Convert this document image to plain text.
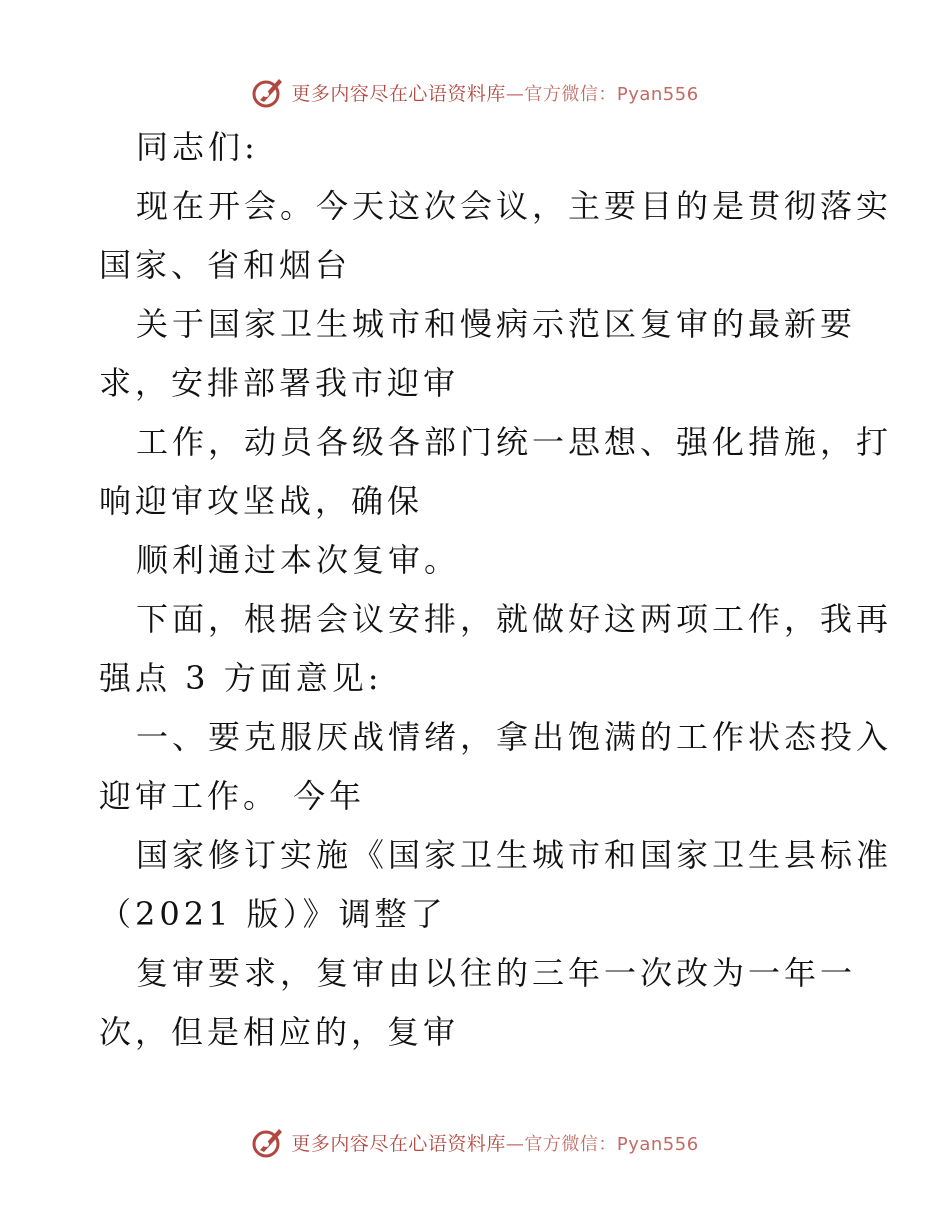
更多内容尽在心语资料库—官方微信：Pyan556
同志们:
现在开会。今天这次会议，主要目的是贯彻落实
国家、省和烟台
关于国家卫生城市和慢病示范区复审的最新要
求，安排部署我市迎审
工作，动员各级各部门统一思想、强化措施，打
响迎审攻坚战，确保
顺利通过本次复审。
下面，根据会议安排，就做好这两项工作，我再
强点 3 方面意见:
一、要克服厌战情绪，拿出饱满的工作状态投入
迎审工作。 今年
国家修订实施《国家卫生城市和国家卫生县标准
（2021 版）》调整了
复审要求，复审由以往的三年一次改为一年一
次，但是相应的，复审
更多内容尽在心语资料库—官方微信：Pyan556
